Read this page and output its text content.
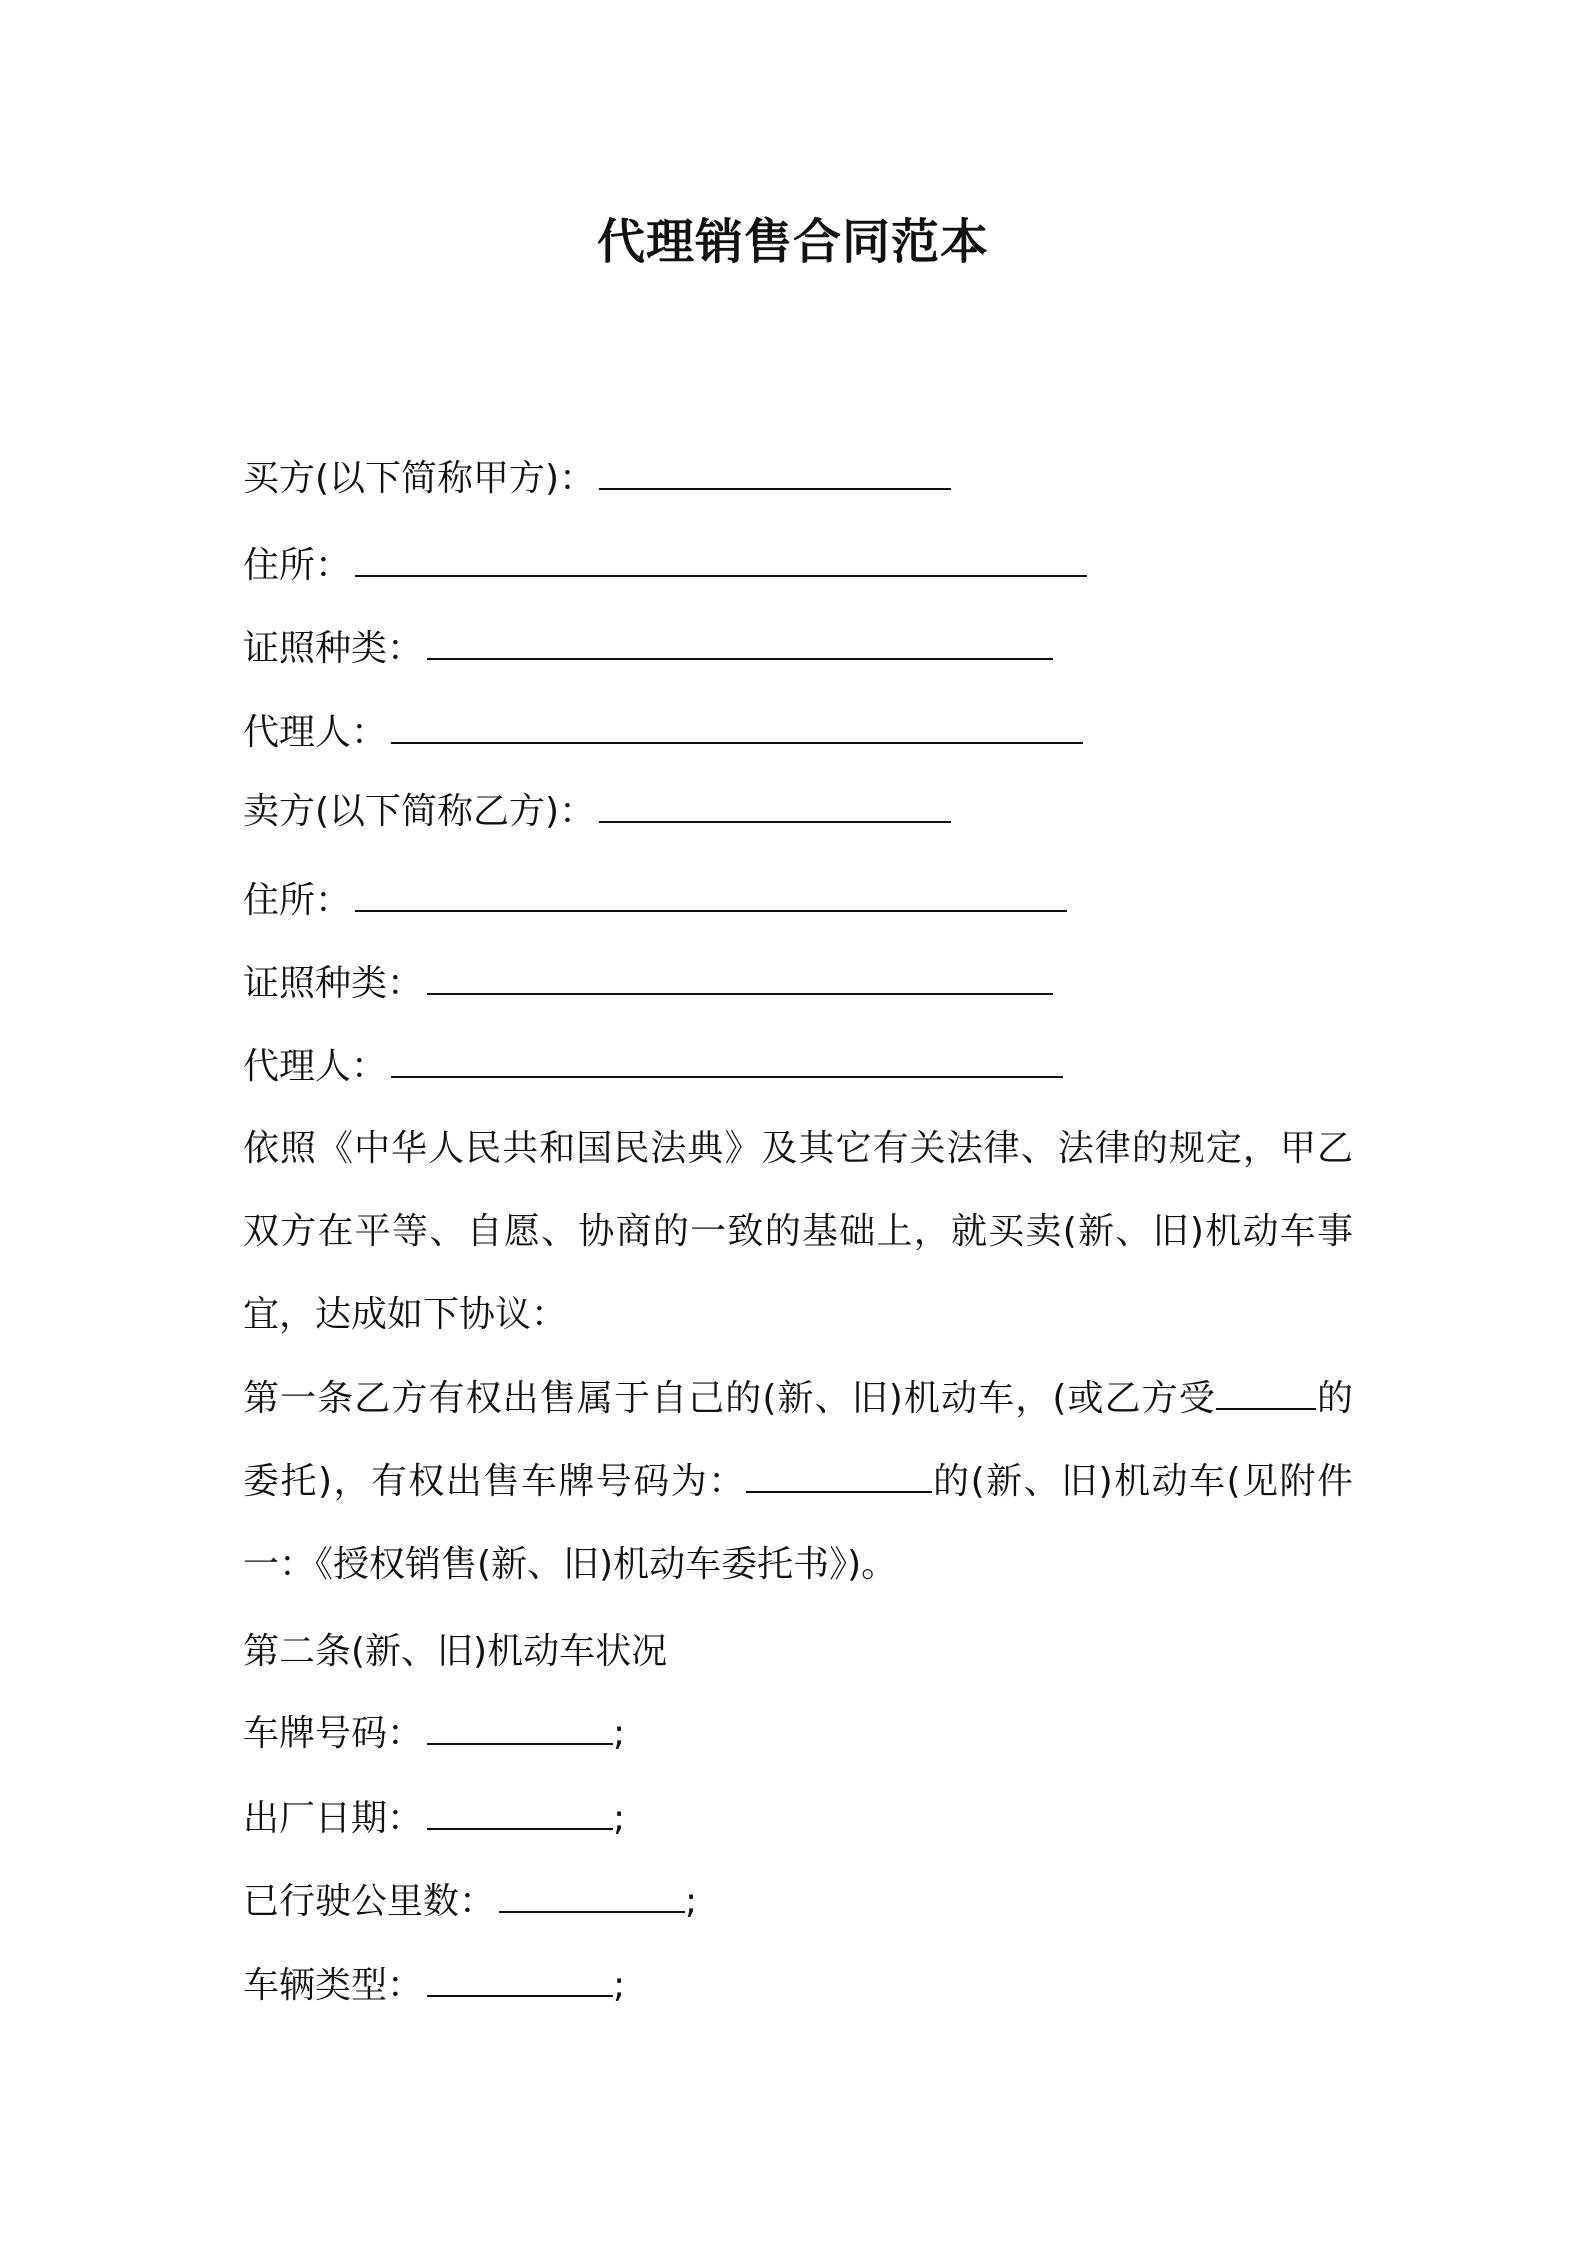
代理销售合同范本
买方(以下简称甲方)：
住所：
证照种类：
代理人：
卖方(以下简称乙方)：
住所：
证照种类：
代理人：
依照《中华人民共和国民法典》及其它有关法律、法律的规定，甲乙双方在平等、自愿、协商的一致的基础上，就买卖(新、旧)机动车事宜，达成如下协议：
第一条乙方有权出售属于自己的(新、旧)机动车，(或乙方受	的委托)，有权出售车牌号码为：	的(新、旧)机动车(见附件一：《授权销售(新、旧)机动车委托书》)。
第二条(新、旧)机动车状况
车牌号码：	;
出厂日期：	;
已行驶公里数：	;
车辆类型：	;
